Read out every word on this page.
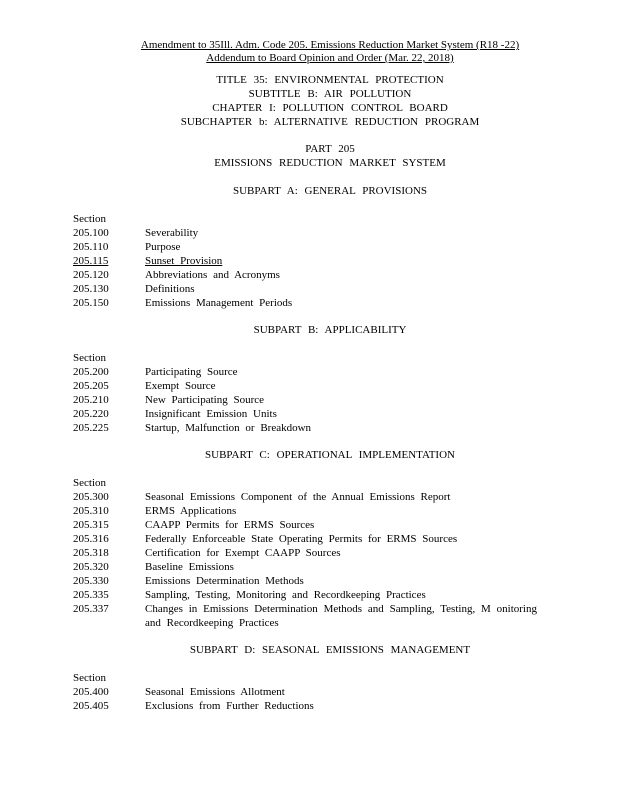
Amendment to 35Ill. Adm. Code 205. Emissions Reduction Market System (R18 -22)
Addendum to Board Opinion and Order (Mar. 22, 2018)
TITLE 35: ENVIRONMENTAL PROTECTION
SUBTITLE B: AIR POLLUTION
CHAPTER I: POLLUTION CONTROL BOARD
SUBCHAPTER b: ALTERNATIVE REDUCTION PROGRAM
PART 205
EMISSIONS REDUCTION MARKET SYSTEM
SUBPART A: GENERAL PROVISIONS
Section
205.100	Severability
205.110	Purpose
205.115	Sunset Provision
205.120	Abbreviations and Acronyms
205.130	Definitions
205.150	Emissions Management Periods
SUBPART B: APPLICABILITY
Section
205.200	Participating Source
205.205	Exempt Source
205.210	New Participating Source
205.220	Insignificant Emission Units
205.225	Startup, Malfunction or Breakdown
SUBPART C: OPERATIONAL IMPLEMENTATION
Section
205.300	Seasonal Emissions Component of the Annual Emissions Report
205.310	ERMS Applications
205.315	CAAPP Permits for ERMS Sources
205.316	Federally Enforceable State Operating Permits for ERMS Sources
205.318	Certification for Exempt CAAPP Sources
205.320	Baseline Emissions
205.330	Emissions Determination Methods
205.335	Sampling, Testing, Monitoring and Recordkeeping Practices
205.337	Changes in Emissions Determination Methods and Sampling, Testing, M onitoring
and Recordkeeping Practices
SUBPART D: SEASONAL EMISSIONS MANAGEMENT
Section
205.400	Seasonal Emissions Allotment
205.405	Exclusions from Further Reductions
